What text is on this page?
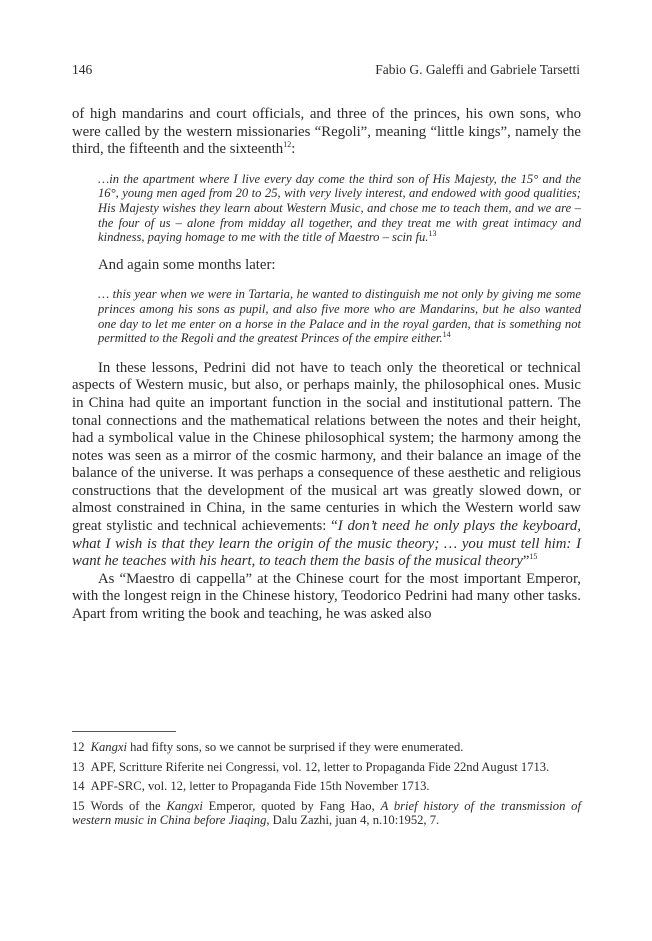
146	Fabio G. Galeffi and Gabriele Tarsetti

of high mandarins and court officials, and three of the princes, his own sons, who were called by the western missionaries “Regoli”, meaning “little kings”, namely the third, the fifteenth and the sixteenth$^{12}$:

…in the apartment where I live every day come the third son of His Majesty, the 15° and the 16°, young men aged from 20 to 25, with very lively interest, and endowed with good qualities; His Majesty wishes they learn about Western Music, and chose me to teach them, and we are – the four of us – alone from midday all together, and they treat me with great intimacy and kindness, paying homage to me with the title of Maestro – scin fu.$^{13}$

And again some months later:

… this year when we were in Tartaria, he wanted to distinguish me not only by giving me some princes among his sons as pupil, and also five more who are Mandarins, but he also wanted one day to let me enter on a horse in the Palace and in the royal garden, that is something not permitted to the Regoli and the greatest Princes of the empire either.$^{14}$

In these lessons, Pedrini did not have to teach only the theoretical or technical aspects of Western music, but also, or perhaps mainly, the philosophical ones. Music in China had quite an important function in the social and institutional pattern. The tonal connections and the mathematical relations between the notes and their height, had a symbolical value in the Chinese philosophical system; the harmony among the notes was seen as a mirror of the cosmic harmony, and their balance an image of the balance of the universe. It was perhaps a consequence of these aesthetic and religious constructions that the development of the musical art was greatly slowed down, or almost constrained in China, in the same centuries in which the Western world saw great stylistic and technical achievements: “I don’t need he only plays the keyboard, what I wish is that they learn the origin of the music theory; … you must tell him: I want he teaches with his heart, to teach them the basis of the musical theory”$^{15}$

As “Maestro di cappella” at the Chinese court for the most important Emperor, with the longest reign in the Chinese history, Teodorico Pedrini had many other tasks. Apart from writing the book and teaching, he was asked also

12 Kangxi had fifty sons, so we cannot be surprised if they were enumerated.

13 APF, Scritture Riferite nei Congressi, vol. 12, letter to Propaganda Fide 22nd August 1713.

14 APF-SRC, vol. 12, letter to Propaganda Fide 15th November 1713.

15 Words of the Kangxi Emperor, quoted by Fang Hao, A brief history of the transmission of western music in China before Jiaqing, Dalu Zazhi, juan 4, n.10:1952, 7.
